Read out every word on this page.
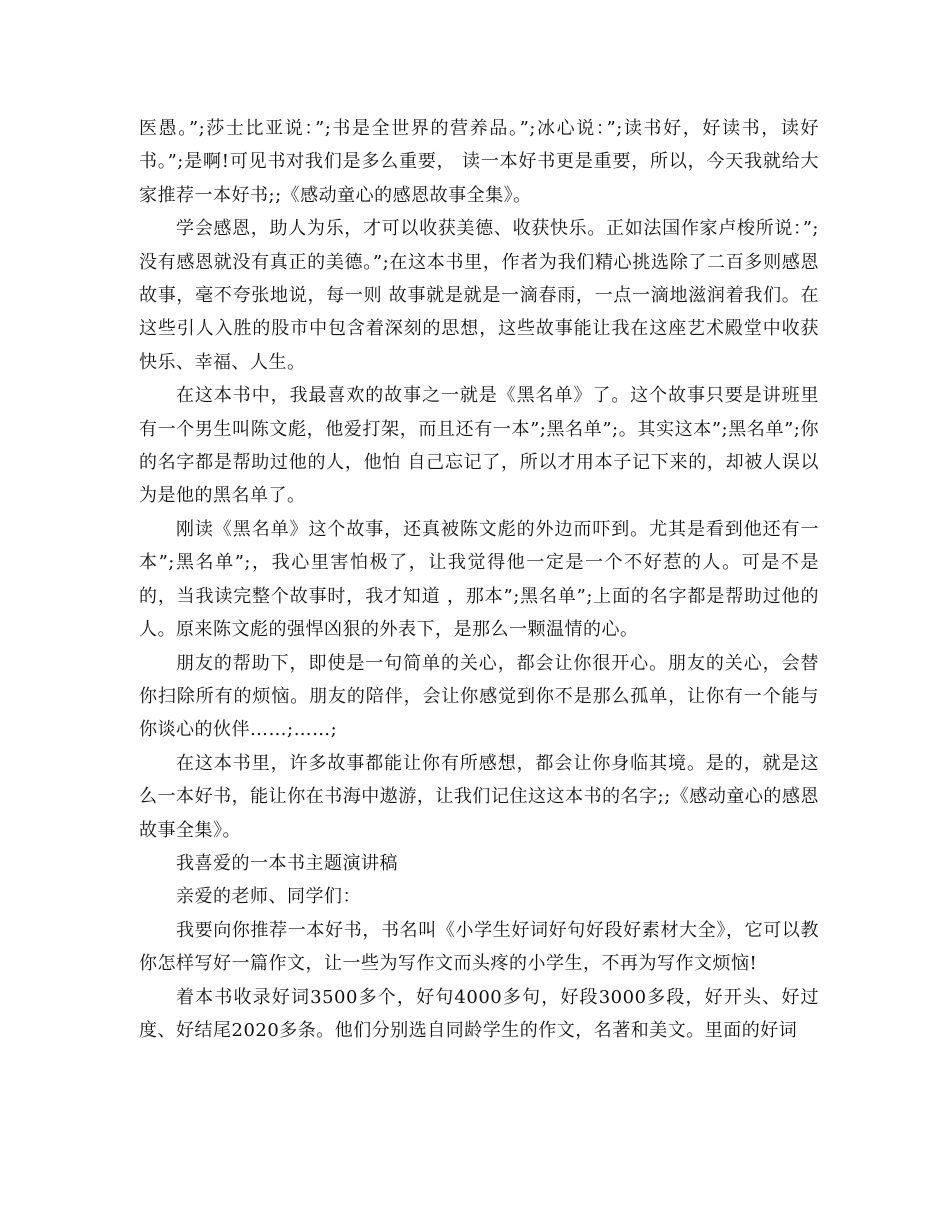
医愚。”;莎士比亚说：”;书是全世界的营养品。”;冰心说：”;读书好，好读书，读好书。”;是啊!可见书对我们是多么重要， 读一本好书更是重要，所以，今天我就给大家推荐一本好书;;《感动童心的感恩故事全集》。

学会感恩，助人为乐，才可以收获美德、收获快乐。正如法国作家卢梭所说：”;没有感恩就没有真正的美德。”;在这本书里，作者为我们精心挑选除了二百多则感恩故事，毫不夸张地说，每一则 故事就是就是一滴春雨，一点一滴地滋润着我们。在这些引人入胜的股市中包含着深刻的思想，这些故事能让我在这座艺术殿堂中收获快乐、幸福、人生。

在这本书中，我最喜欢的故事之一就是《黑名单》了。这个故事只要是讲班里有一个男生叫陈文彪，他爱打架，而且还有一本”;黑名单”;。其实这本”;黑名单”;你的名字都是帮助过他的人，他怕 自己忘记了，所以才用本子记下来的，却被人误以为是他的黑名单了。

刚读《黑名单》这个故事，还真被陈文彪的外边而吓到。尤其是看到他还有一本”;黑名单”;，我心里害怕极了，让我觉得他一定是一个不好惹的人。可是不是的，当我读完整个故事时，我才知道 ，那本”;黑名单”;上面的名字都是帮助过他的人。原来陈文彪的强悍凶狠的外表下，是那么一颗温情的心。

朋友的帮助下，即使是一句简单的关心，都会让你很开心。朋友的关心，会替你扫除所有的烦恼。朋友的陪伴，会让你感觉到你不是那么孤单，让你有一个能与你谈心的伙伴……;……;

在这本书里，许多故事都能让你有所感想，都会让你身临其境。是的，就是这么一本好书，能让你在书海中遨游，让我们记住这这本书的名字;;《感动童心的感恩故事全集》。

我喜爱的一本书主题演讲稿

亲爱的老师、同学们：

我要向你推荐一本好书，书名叫《小学生好词好句好段好素材大全》，它可以教你怎样写好一篇作文，让一些为写作文而头疼的小学生，不再为写作文烦恼!

着本书收录好词3500多个，好句4000多句，好段3000多段，好开头、好过度、好结尾2020多条。他们分别选自同龄学生的作文，名著和美文。里面的好词
